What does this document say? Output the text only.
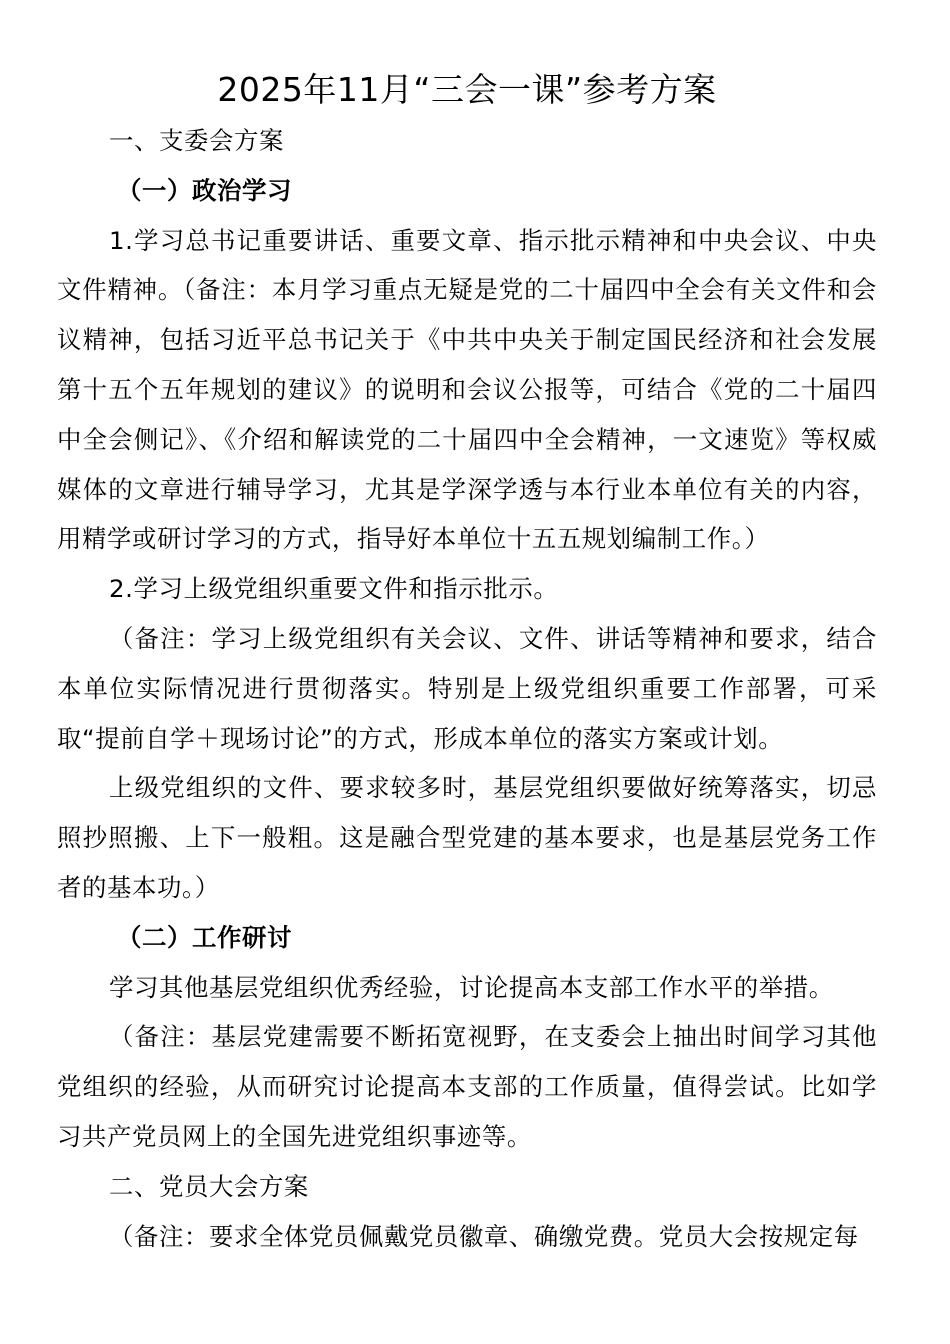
2025年11月“三会一课”参考方案

一、支委会方案

（一）政治学习

1.学习总书记重要讲话、重要文章、指示批示精神和中央会议、中央文件精神。（备注：本月学习重点无疑是党的二十届四中全会有关文件和会议精神，包括习近平总书记关于《中共中央关于制定国民经济和社会发展第十五个五年规划的建议》的说明和会议公报等，可结合《党的二十届四中全会侧记》、《介绍和解读党的二十届四中全会精神，一文速览》等权威媒体的文章进行辅导学习，尤其是学深学透与本行业本单位有关的内容，用精学或研讨学习的方式，指导好本单位十五五规划编制工作。）

2.学习上级党组织重要文件和指示批示。

（备注：学习上级党组织有关会议、文件、讲话等精神和要求，结合本单位实际情况进行贯彻落实。特别是上级党组织重要工作部署，可采取“提前自学＋现场讨论”的方式，形成本单位的落实方案或计划。

上级党组织的文件、要求较多时，基层党组织要做好统筹落实，切忌照抄照搬、上下一般粗。这是融合型党建的基本要求，也是基层党务工作者的基本功。）

（二）工作研讨

学习其他基层党组织优秀经验，讨论提高本支部工作水平的举措。

（备注：基层党建需要不断拓宽视野，在支委会上抽出时间学习其他党组织的经验，从而研究讨论提高本支部的工作质量，值得尝试。比如学习共产党员网上的全国先进党组织事迹等。

二、党员大会方案

（备注：要求全体党员佩戴党员徽章、确缴党费。党员大会按规定每
